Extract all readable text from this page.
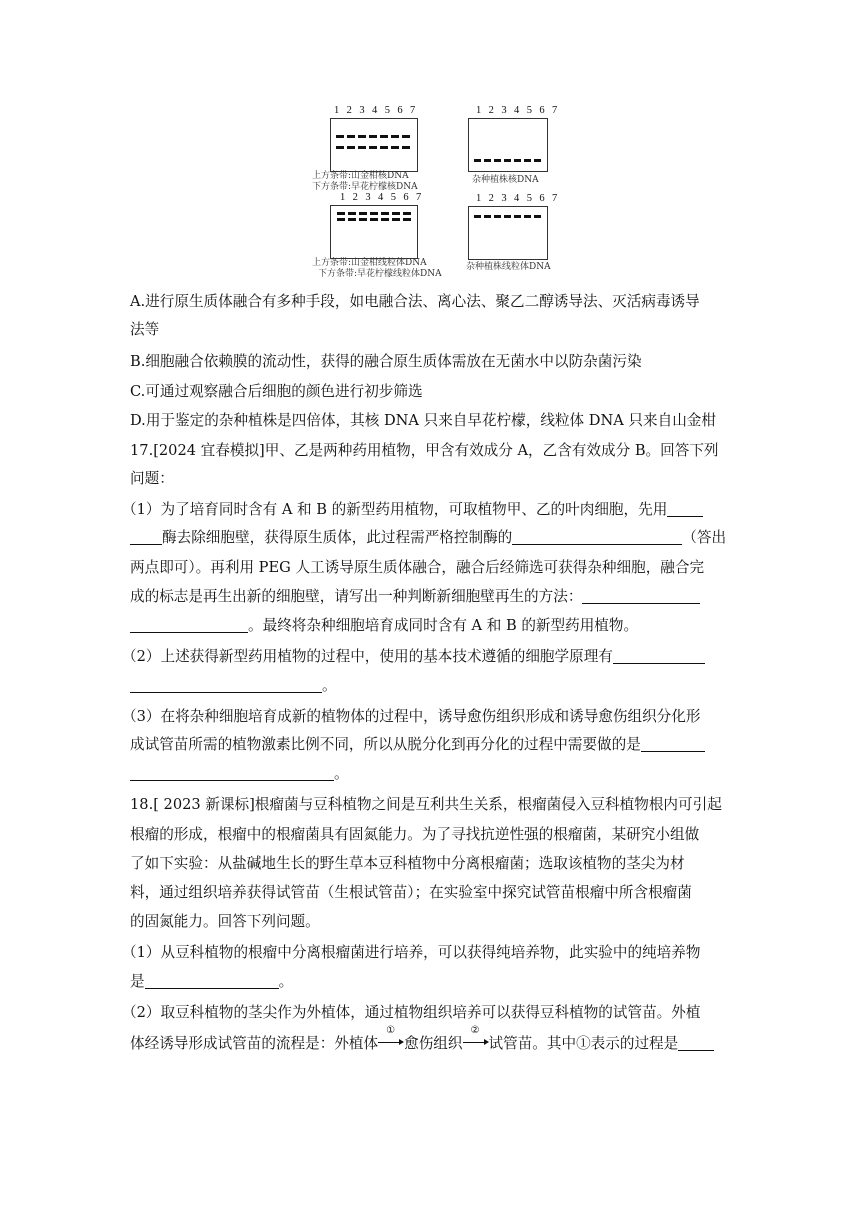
1 2 3 4 5 6 7
上方条带:山金柑核DNA
下方条带:早花柠檬核DNA
1 2 3 4 5 6 7
杂种植株核DNA
1 2 3 4 5 6 7
上方条带:山金柑线粒体DNA
下方条带:早花柠檬线粒体DNA
1 2 3 4 5 6 7
杂种植株线粒体DNA
A.进行原生质体融合有多种手段，如电融合法、离心法、聚乙二醇诱导法、灭活病毒诱导
法等
B.细胞融合依赖膜的流动性，获得的融合原生质体需放在无菌水中以防杂菌污染
C.可通过观察融合后细胞的颜色进行初步筛选
D.用于鉴定的杂种植株是四倍体，其核 DNA 只来自早花柠檬，线粒体 DNA 只来自山金柑
17.[2024 宜春模拟]甲、乙是两种药用植物，甲含有效成分 A，乙含有效成分 B。回答下列
问题：
（1）为了培育同时含有 A 和 B 的新型药用植物，可取植物甲、乙的叶肉细胞，先用
酶去除细胞壁，获得原生质体，此过程需严格控制酶的	（答出
两点即可）。再利用 PEG 人工诱导原生质体融合，融合后经筛选可获得杂种细胞，融合完
成的标志是再生出新的细胞壁，请写出一种判断新细胞壁再生的方法：
。最终将杂种细胞培育成同时含有 A 和 B 的新型药用植物。
（2）上述获得新型药用植物的过程中，使用的基本技术遵循的细胞学原理有
。
（3）在将杂种细胞培育成新的植物体的过程中，诱导愈伤组织形成和诱导愈伤组织分化形
成试管苗所需的植物激素比例不同，所以从脱分化到再分化的过程中需要做的是
。
18.[ 2023 新课标]根瘤菌与豆科植物之间是互利共生关系，根瘤菌侵入豆科植物根内可引起
根瘤的形成，根瘤中的根瘤菌具有固氮能力。为了寻找抗逆性强的根瘤菌，某研究小组做
了如下实验：从盐碱地生长的野生草本豆科植物中分离根瘤菌；选取该植物的茎尖为材
料，通过组织培养获得试管苗（生根试管苗）；在实验室中探究试管苗根瘤中所含根瘤菌
的固氮能力。回答下列问题。
（1）从豆科植物的根瘤中分离根瘤菌进行培养，可以获得纯培养物，此实验中的纯培养物
是	。
（2）取豆科植物的茎尖作为外植体，通过植物组织培养可以获得豆科植物的试管苗。外植
体经诱导形成试管苗的流程是：外植体
①
愈伤组织
②
试管苗。其中①表示的过程是
